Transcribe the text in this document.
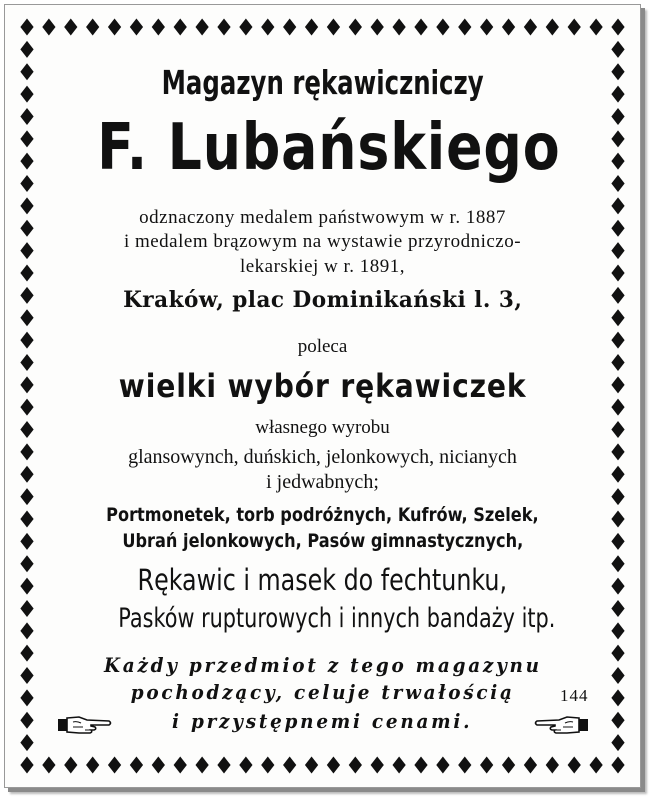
Magazyn rękawiczniczy
F. Lubańskiego
odznaczony medalem państwowym w r. 1887
i medalem brązowym na wystawie przyrodniczo-
lekarskiej w r. 1891,
Kraków, plac Dominikański l. 3,
poleca
wielki wybór rękawiczek
własnego wyrobu
glansowynch, duńskich, jelonkowych, nicianych
i jedwabnych;
Portmonetek, torb podróżnych, Kufrów, Szelek,
Ubrań jelonkowych, Pasów gimnastycznych,
Rękawic i masek do fechtunku,
Pasków rupturowych i innych bandaży itp.
Każdy przedmiot z tego magazynu
pochodzący, celuje trwałością
i przystępnemi cenami.
144
